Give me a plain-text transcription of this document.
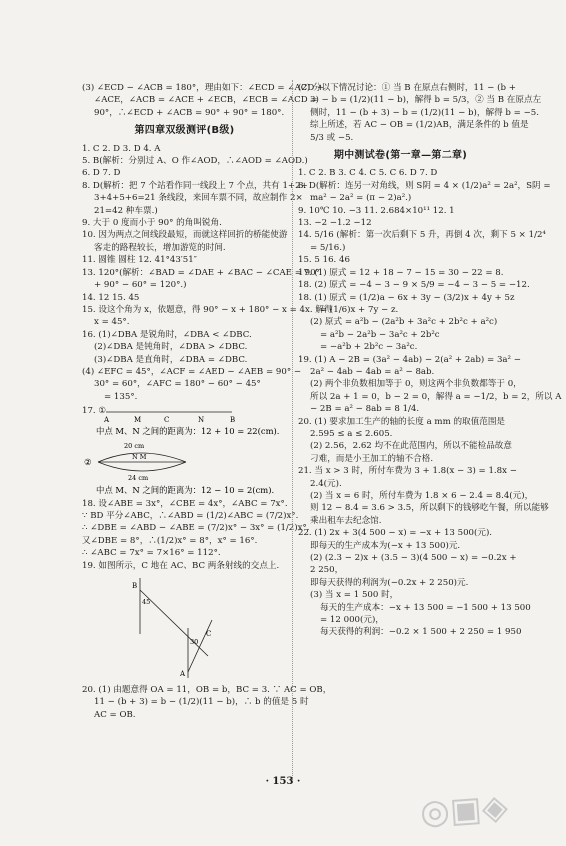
(3) ∠ECD − ∠ACB = 180°，理由如下：∠ECD = ∠ACD +
∠ACE，∠ACB = ∠ACE + ∠ECB，∠ECB = ∠ACD =
90°，∴∠ECD + ∠ACB = 90° + 90° = 180°.
第四章双级测评(B级)
1. C 2. D 3. D 4. A
5. B(解析：分别过 A、O 作∠AOD，∴∠AOD = ∠AOD.)
6. D 7. D
8. D(解析：把 7 个站看作同一线段上 7 个点，共有 1+2+
3+4+5+6=21 条线段，来回车票不同，故应制作 2×
21=42 种车票.)
9. 大于 0 度而小于 90° 的角叫锐角.
10. 因为两点之间线段最短，而就这样回折的桥能使游
客走的路程较长，增加游览的时间.
11. 圆锥 圆柱 12. 41°43′51″
13. 120°(解析：∠BAD = ∠DAE + ∠BAC − ∠CAE = 90°
+ 90° − 60° = 120°.)
14. 12 15. 45
15. 设这个角为 x，依题意，得 90° − x + 180° − x = 4x. 解得
x = 45°.
16. (1)∠DBA 是锐角时，∠DBA < ∠DBC.
(2)∠DBA 是钝角时，∠DBA > ∠DBC.
(3)∠DBA 是直角时，∠DBA = ∠DBC.
(4) ∠EFC = 45°，∠ACF = ∠AED − ∠AEB = 90° −
30° = 60°，∠AFC = 180° − 60° − 45°
= 135°.
17. ①
A	M	C	N	B
中点 M、N 之间的距离为：12 + 10 = 22(cm).
20 cm
②	N M
24 cm
中点 M、N 之间的距离为：12 − 10 = 2(cm).
18. 设∠ABE = 3x°，∠CBE = 4x°，∠ABC = 7x°.
∵ BD 平分∠ABC，∴∠ABD = (1/2)∠ABC = (7/2)x°.
∴ ∠DBE = ∠ABD − ∠ABE = (7/2)x° − 3x° = (1/2)x°.
又∠DBE = 8°，∴(1/2)x° = 8°，x° = 16°.
∴ ∠ABC = 7x° = 7×16° = 112°.
19. 如图所示，C 地在 AC、BC 两条射线的交点上.
B
45
C
30
A
20. (1) 由题意得 OA = 11，OB = b，BC = 3. ∵ AC = OB，
11 − (b + 3) = b − (1/2)(11 − b)，∴ b 的值是 5 时
AC = OB.
(2) 分以下情况讨论：① 当 B 在原点右侧时，11 − (b +
3) − b = (1/2)(11 − b)，解得 b = 5/3，② 当 B 在原点左
侧时，11 − (b + 3) − b = (1/2)(11 − b)，解得 b = −5.
综上所述，若 AC − OB = (1/2)AB，满足条件的 b 值是
5/3 或 −5.
期中测试卷(第一章—第二章)
1. C 2. B 3. C 4. C 5. C 6. D 7. D
8. D(解析：连另一对角线，则 S阴 = 4 × (1/2)a² = 2a²，S阴 =
ma² − 2a² = (π − 2)a².)
9. 10℃ 10. −3 11. 2.684×10¹¹ 12. 1
13. −2 −1.2 −12
14. 5/16 (解析：第一次后剩下 5 升，再倒 4 次，剩下 5 × 1/2⁴
= 5/16.)
15. 5 16. 46
17. (1) 原式 = 12 + 18 − 7 − 15 = 30 − 22 = 8.
18. (2) 原式 = −4 − 3 − 9 × 5/9 = −4 − 3 − 5 = −12.
18. (1) 原式 = (1/2)a − 6x + 3y − (3/2)x + 4y + 5z
= (1/6)x + 7y − z.
(2) 原式 = a²b − (2a²b + 3a²c + 2b²c + a²c)
= a²b − 2a²b − 3a²c + 2b²c
= −a²b + 2b²c − 3a²c.
19. (1) A − 2B = (3a² − 4ab) − 2(a² + 2ab) = 3a² −
2a² − 4ab − 4ab = a² − 8ab.
(2) 两个非负数相加等于 0，则这两个非负数都等于 0，
所以 2a + 1 = 0，b − 2 = 0，解得 a = −1/2，b = 2，所以 A
− 2B = a² − 8ab = 8 1/4.
20. (1) 要求加工生产的轴的长度 a mm 的取值范围是
2.595 ≤ a ≤ 2.605.
(2) 2.56，2.62 均不在此范围内，所以不能检品故意
刁难，而是小王加工的轴不合格.
21. 当 x > 3 时，所付车费为 3 + 1.8(x − 3) = 1.8x −
2.4(元).
(2) 当 x = 6 时，所付车费为 1.8 × 6 − 2.4 = 8.4(元)，
则 12 − 8.4 = 3.6 > 3.5，所以剩下的钱够吃午餐，所以能够
乘出租车去纪念馆.
22. (1) 2x + 3(4 500 − x) = −x + 13 500(元).
即每天的生产成本为(−x + 13 500)元.
(2) (2.3 − 2)x + (3.5 − 3)(4 500 − x) = −0.2x +
2 250，
即每天获得的利润为(−0.2x + 2 250)元.
(3) 当 x = 1 500 时，
每天的生产成本：−x + 13 500 = −1 500 + 13 500
= 12 000(元)，
每天获得的利润：−0.2 × 1 500 + 2 250 = 1 950
· 153 ·
◎▣◈
